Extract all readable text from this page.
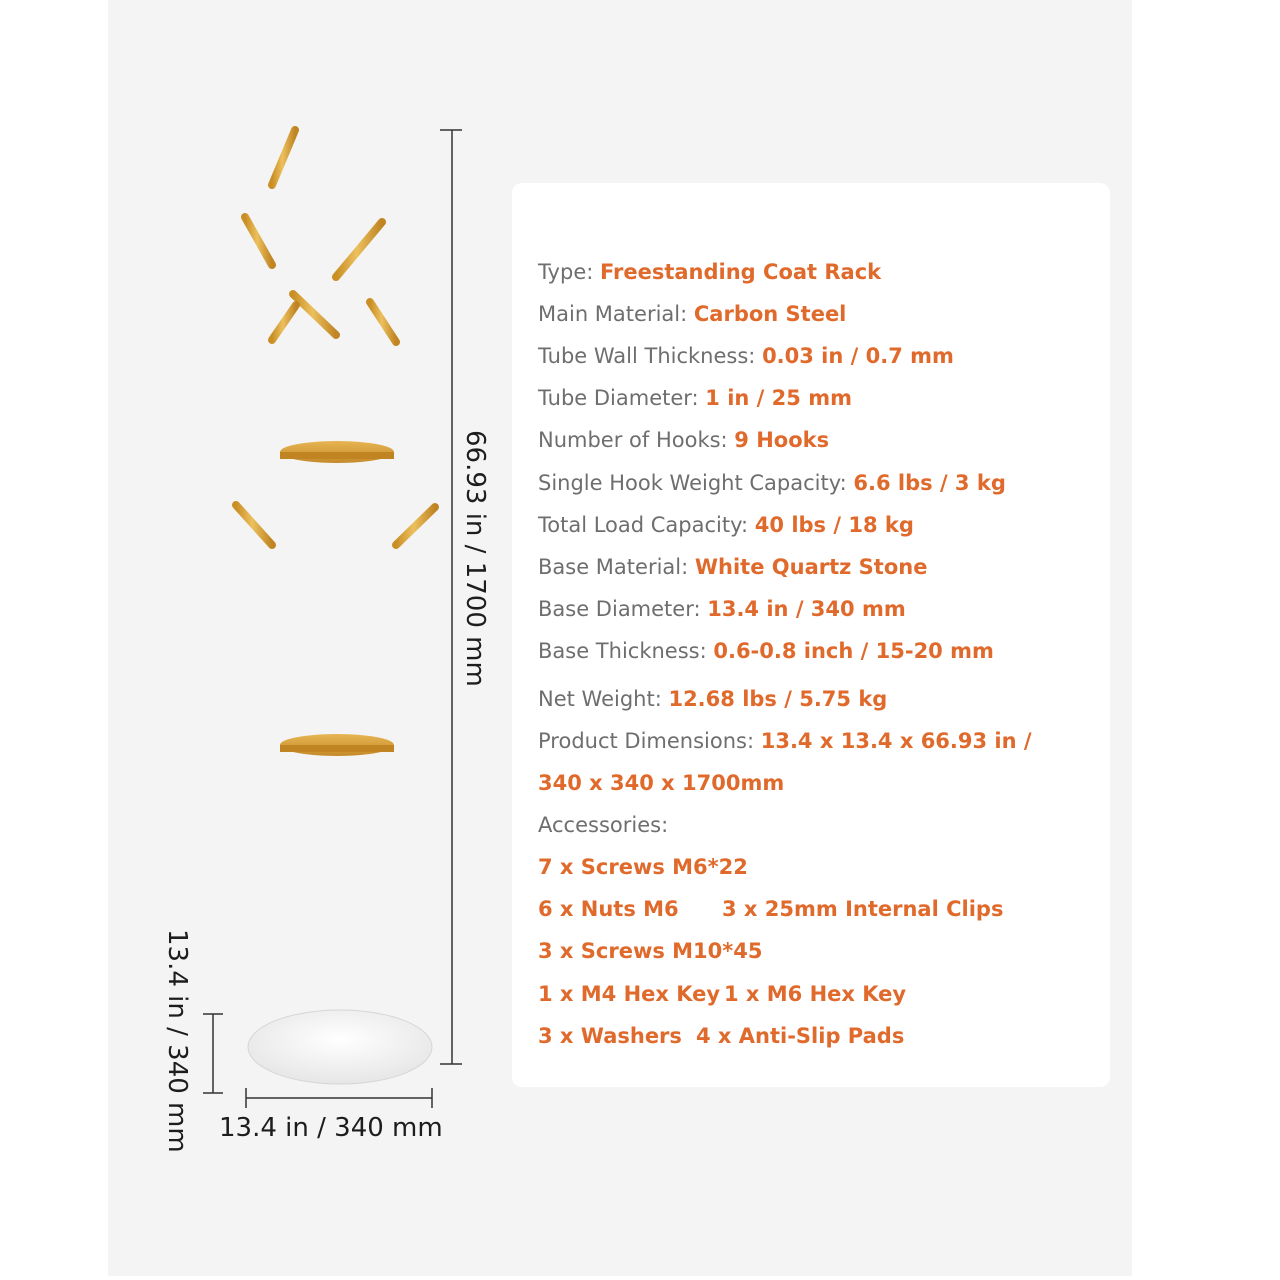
66.93 in / 1700 mm
13.4 in / 340 mm 13.4 in / 340 mm
Type: Freestanding Coat Rack
Main Material: Carbon Steel
Tube Wall Thickness: 0.03 in / 0.7 mm
Tube Diameter: 1 in / 25 mm
Number of Hooks: 9 Hooks
Single Hook Weight Capacity: 6.6 lbs / 3 kg
Total Load Capacity: 40 lbs / 18 kg
Base Material: White Quartz Stone
Base Diameter: 13.4 in / 340 mm
Base Thickness: 0.6-0.8 inch / 15-20 mm
Net Weight: 12.68 lbs / 5.75 kg
Product Dimensions: 13.4 x 13.4 x 66.93 in /
340 x 340 x 1700mm
Accessories:
7 x Screws M6*22
6 x Nuts M6 3 x 25mm Internal Clips
3 x Screws M10*45
1 x M4 Hex Key 1 x M6 Hex Key
3 x Washers 4 x Anti-Slip Pads
